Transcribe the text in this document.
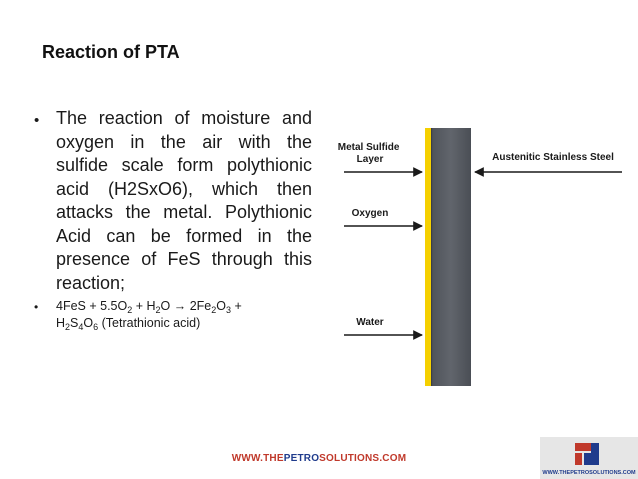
Reaction of PTA
• The reaction of moisture and oxygen in the air with the sulfide scale form polythionic acid (H2SxO6), which then attacks the metal. Polythionic Acid can be formed in the presence of FeS through this reaction;
• $4FeS + 5.5O_2 + H_2O \to 2Fe_2O_3$ +
$H_2S_4O_6$ (Tetrathionic acid)
Metal Sulfide Layer
Oxygen
Water
Austenitic Stainless Steel
WWW.THEPETROSOLUTIONS.COM
WWW.THEPETROSOLUTIONS.COM
